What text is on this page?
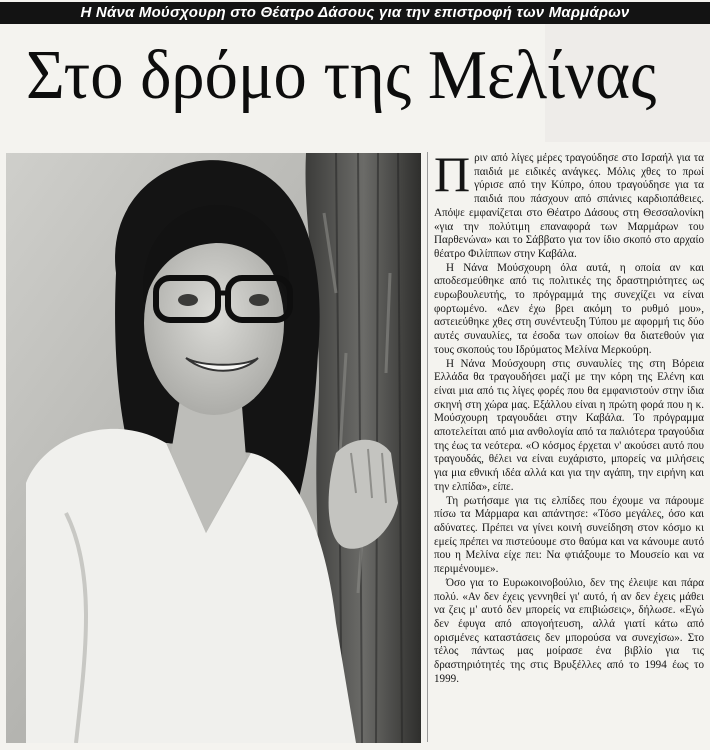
Η Νάνα Μούσχουρη στο Θέατρο Δάσους για την επιστροφή των Μαρμάρων
Στο δρόμο της Μελίνας

Πριν από λίγες μέρες τραγούδησε στο Ισραήλ για τα παιδιά με ειδικές ανάγκες. Μόλις χθες το πρωί γύρισε από την Κύπρο, όπου τραγούδησε για τα παιδιά που πάσχουν από σπάνιες καρδιοπάθειες. Απόψε εμφανίζεται στο Θέατρο Δάσους στη Θεσσαλονίκη «για την πολύτιμη επαναφορά των Μαρμάρων του Παρθενώνα» και το Σάββατο για τον ίδιο σκοπό στο αρχαίο θέατρο Φιλίππων στην Καβάλα.

Η Νάνα Μούσχουρη όλα αυτά, η οποία αν και αποδεσμεύθηκε από τις πολιτικές της δραστηριότητες ως ευρωβουλευτής, το πρόγραμμά της συνεχίζει να είναι φορτωμένο. «Δεν έχω βρει ακόμη το ρυθμό μου», αστειεύθηκε χθες στη συνέντευξη Τύπου με αφορμή τις δύο αυτές συναυλίες, τα έσοδα των οποίων θα διατεθούν για τους σκοπούς του Ιδρύματος Μελίνα Μερκούρη.

Η Νάνα Μούσχουρη στις συναυλίες της στη Βόρεια Ελλάδα θα τραγουδήσει μαζί με την κόρη της Ελένη και είναι μια από τις λίγες φορές που θα εμφανιστούν στην ίδια σκηνή στη χώρα μας. Εξάλλου είναι η πρώτη φορά που η κ. Μούσχουρη τραγουδάει στην Καβάλα. Το πρόγραμμα αποτελείται από μια ανθολογία από τα παλιότερα τραγούδια της έως τα νεότερα. «Ο κόσμος έρχεται ν' ακούσει αυτό που τραγουδάς, θέλει να είναι ευχάριστο, μπορείς να μιλήσεις για μια εθνική ιδέα αλλά και για την αγάπη, την ειρήνη και την ελπίδα», είπε.

Τη ρωτήσαμε για τις ελπίδες που έχουμε να πάρουμε πίσω τα Μάρμαρα και απάντησε: «Τόσο μεγάλες, όσο και αδύνατες. Πρέπει να γίνει κοινή συνείδηση στον κόσμο κι εμείς πρέπει να πιστεύουμε στο θαύμα και να κάνουμε αυτό που η Μελίνα είχε πει: Να φτιάξουμε το Μουσείο και να περιμένουμε».

Όσο για το Ευρωκοινοβούλιο, δεν της έλειψε και πάρα πολύ. «Αν δεν έχεις γεννηθεί γι' αυτό, ή αν δεν έχεις μάθει να ζεις μ' αυτό δεν μπορείς να επιβιώσεις», δήλωσε. «Εγώ δεν έφυγα από απογοήτευση, αλλά γιατί κάτω από ορισμένες καταστάσεις δεν μπορούσα να συνεχίσω». Στο τέλος πάντως μας μοίρασε ένα βιβλίο για τις δραστηριότητές της στις Βρυξέλλες από το 1994 έως το 1999.
